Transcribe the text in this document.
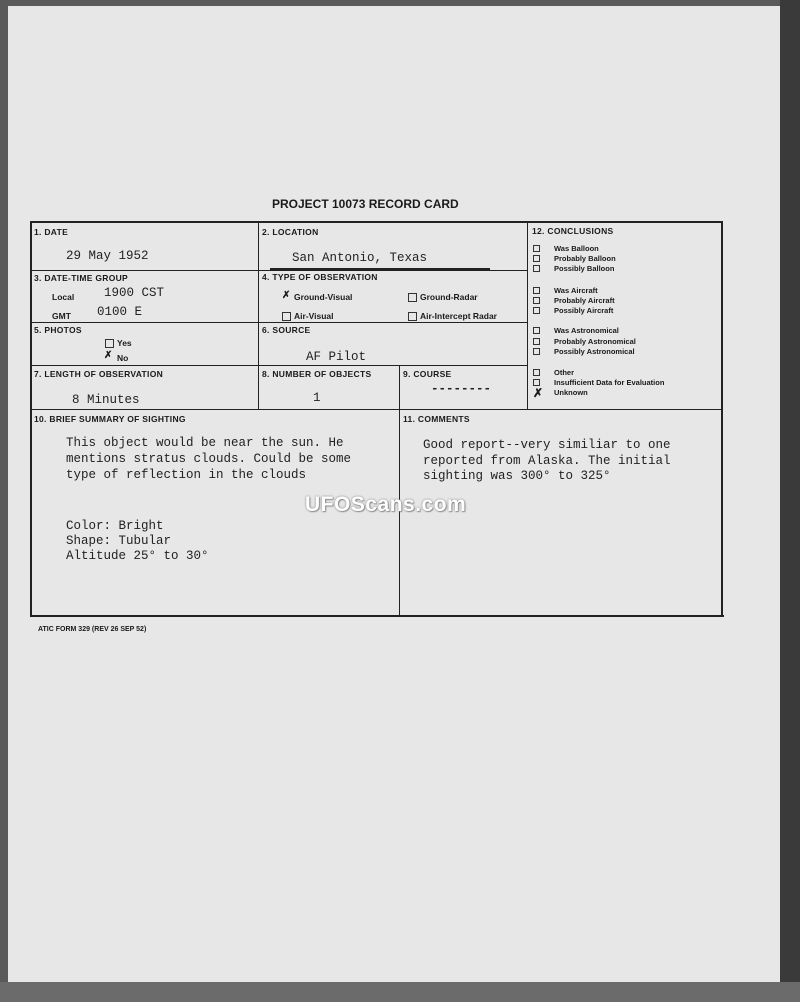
PROJECT 10073 RECORD CARD
1. DATE
29 May 1952
2. LOCATION
San Antonio, Texas
3. DATE-TIME GROUP
Local 1900 CST
GMT 0100 E
4. TYPE OF OBSERVATION
✗ Ground-Visual	Ground-Radar
Air-Visual	Air-Intercept Radar
5. PHOTOS
Yes
✗ No
6. SOURCE
AF Pilot
7. LENGTH OF OBSERVATION
8 Minutes
8. NUMBER OF OBJECTS
1
9. COURSE
--------
12. CONCLUSIONS
Was Balloon
Probably Balloon
Possibly Balloon
Was Aircraft
Probably Aircraft
Possibly Aircraft
Was Astronomical
Probably Astronomical
Possibly Astronomical
Other
Insufficient Data for Evaluation
✗ Unknown
10. BRIEF SUMMARY OF SIGHTING
This object would be near the sun. He
mentions stratus clouds. Could be some
type of reflection in the clouds
Color: Bright
Shape: Tubular
Altitude 25° to 30°
11. COMMENTS
Good report--very similiar to one
reported from Alaska. The initial
sighting was 300° to 325°
ATIC FORM 329 (REV 26 SEP 52)
UFOScans.com
